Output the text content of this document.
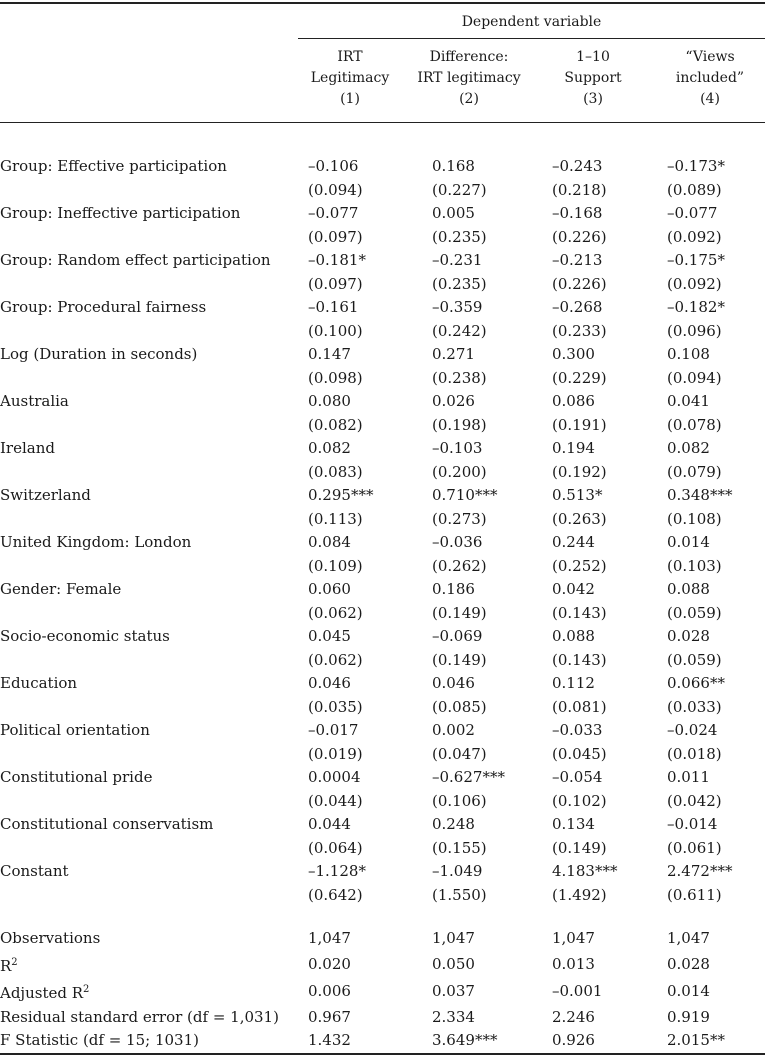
Dependent variable
IRT
Legitimacy
(1)
Difference:
IRT legitimacy
(2)
1–10
Support
(3)
“Views
included”
(4)
Group: Effective participation	–0.106	0.168	–0.243	–0.173*
	(0.094)	(0.227)	(0.218)	(0.089)
Group: Ineffective participation	–0.077	0.005	–0.168	–0.077
	(0.097)	(0.235)	(0.226)	(0.092)
Group: Random effect participation	–0.181*	–0.231	–0.213	–0.175*
	(0.097)	(0.235)	(0.226)	(0.092)
Group: Procedural fairness	–0.161	–0.359	–0.268	–0.182*
	(0.100)	(0.242)	(0.233)	(0.096)
Log (Duration in seconds)	0.147	0.271	0.300	0.108
	(0.098)	(0.238)	(0.229)	(0.094)
Australia	0.080	0.026	0.086	0.041
	(0.082)	(0.198)	(0.191)	(0.078)
Ireland	0.082	–0.103	0.194	0.082
	(0.083)	(0.200)	(0.192)	(0.079)
Switzerland	0.295***	0.710***	0.513*	0.348***
	(0.113)	(0.273)	(0.263)	(0.108)
United Kingdom: London	0.084	–0.036	0.244	0.014
	(0.109)	(0.262)	(0.252)	(0.103)
Gender: Female	0.060	0.186	0.042	0.088
	(0.062)	(0.149)	(0.143)	(0.059)
Socio-economic status	0.045	–0.069	0.088	0.028
	(0.062)	(0.149)	(0.143)	(0.059)
Education	0.046	0.046	0.112	0.066**
	(0.035)	(0.085)	(0.081)	(0.033)
Political orientation	–0.017	0.002	–0.033	–0.024
	(0.019)	(0.047)	(0.045)	(0.018)
Constitutional pride	0.0004	–0.627***	–0.054	0.011
	(0.044)	(0.106)	(0.102)	(0.042)
Constitutional conservatism	0.044	0.248	0.134	–0.014
	(0.064)	(0.155)	(0.149)	(0.061)
Constant	–1.128*	–1.049	4.183***	2.472***
	(0.642)	(1.550)	(1.492)	(0.611)

Observations	1,047	1,047	1,047	1,047
$R^2$	0.020	0.050	0.013	0.028
Adjusted $R^2$	0.006	0.037	–0.001	0.014
Residual standard error (df = 1,031)	0.967	2.334	2.246	0.919
F Statistic (df = 15; 1031)	1.432	3.649***	0.926	2.015**
